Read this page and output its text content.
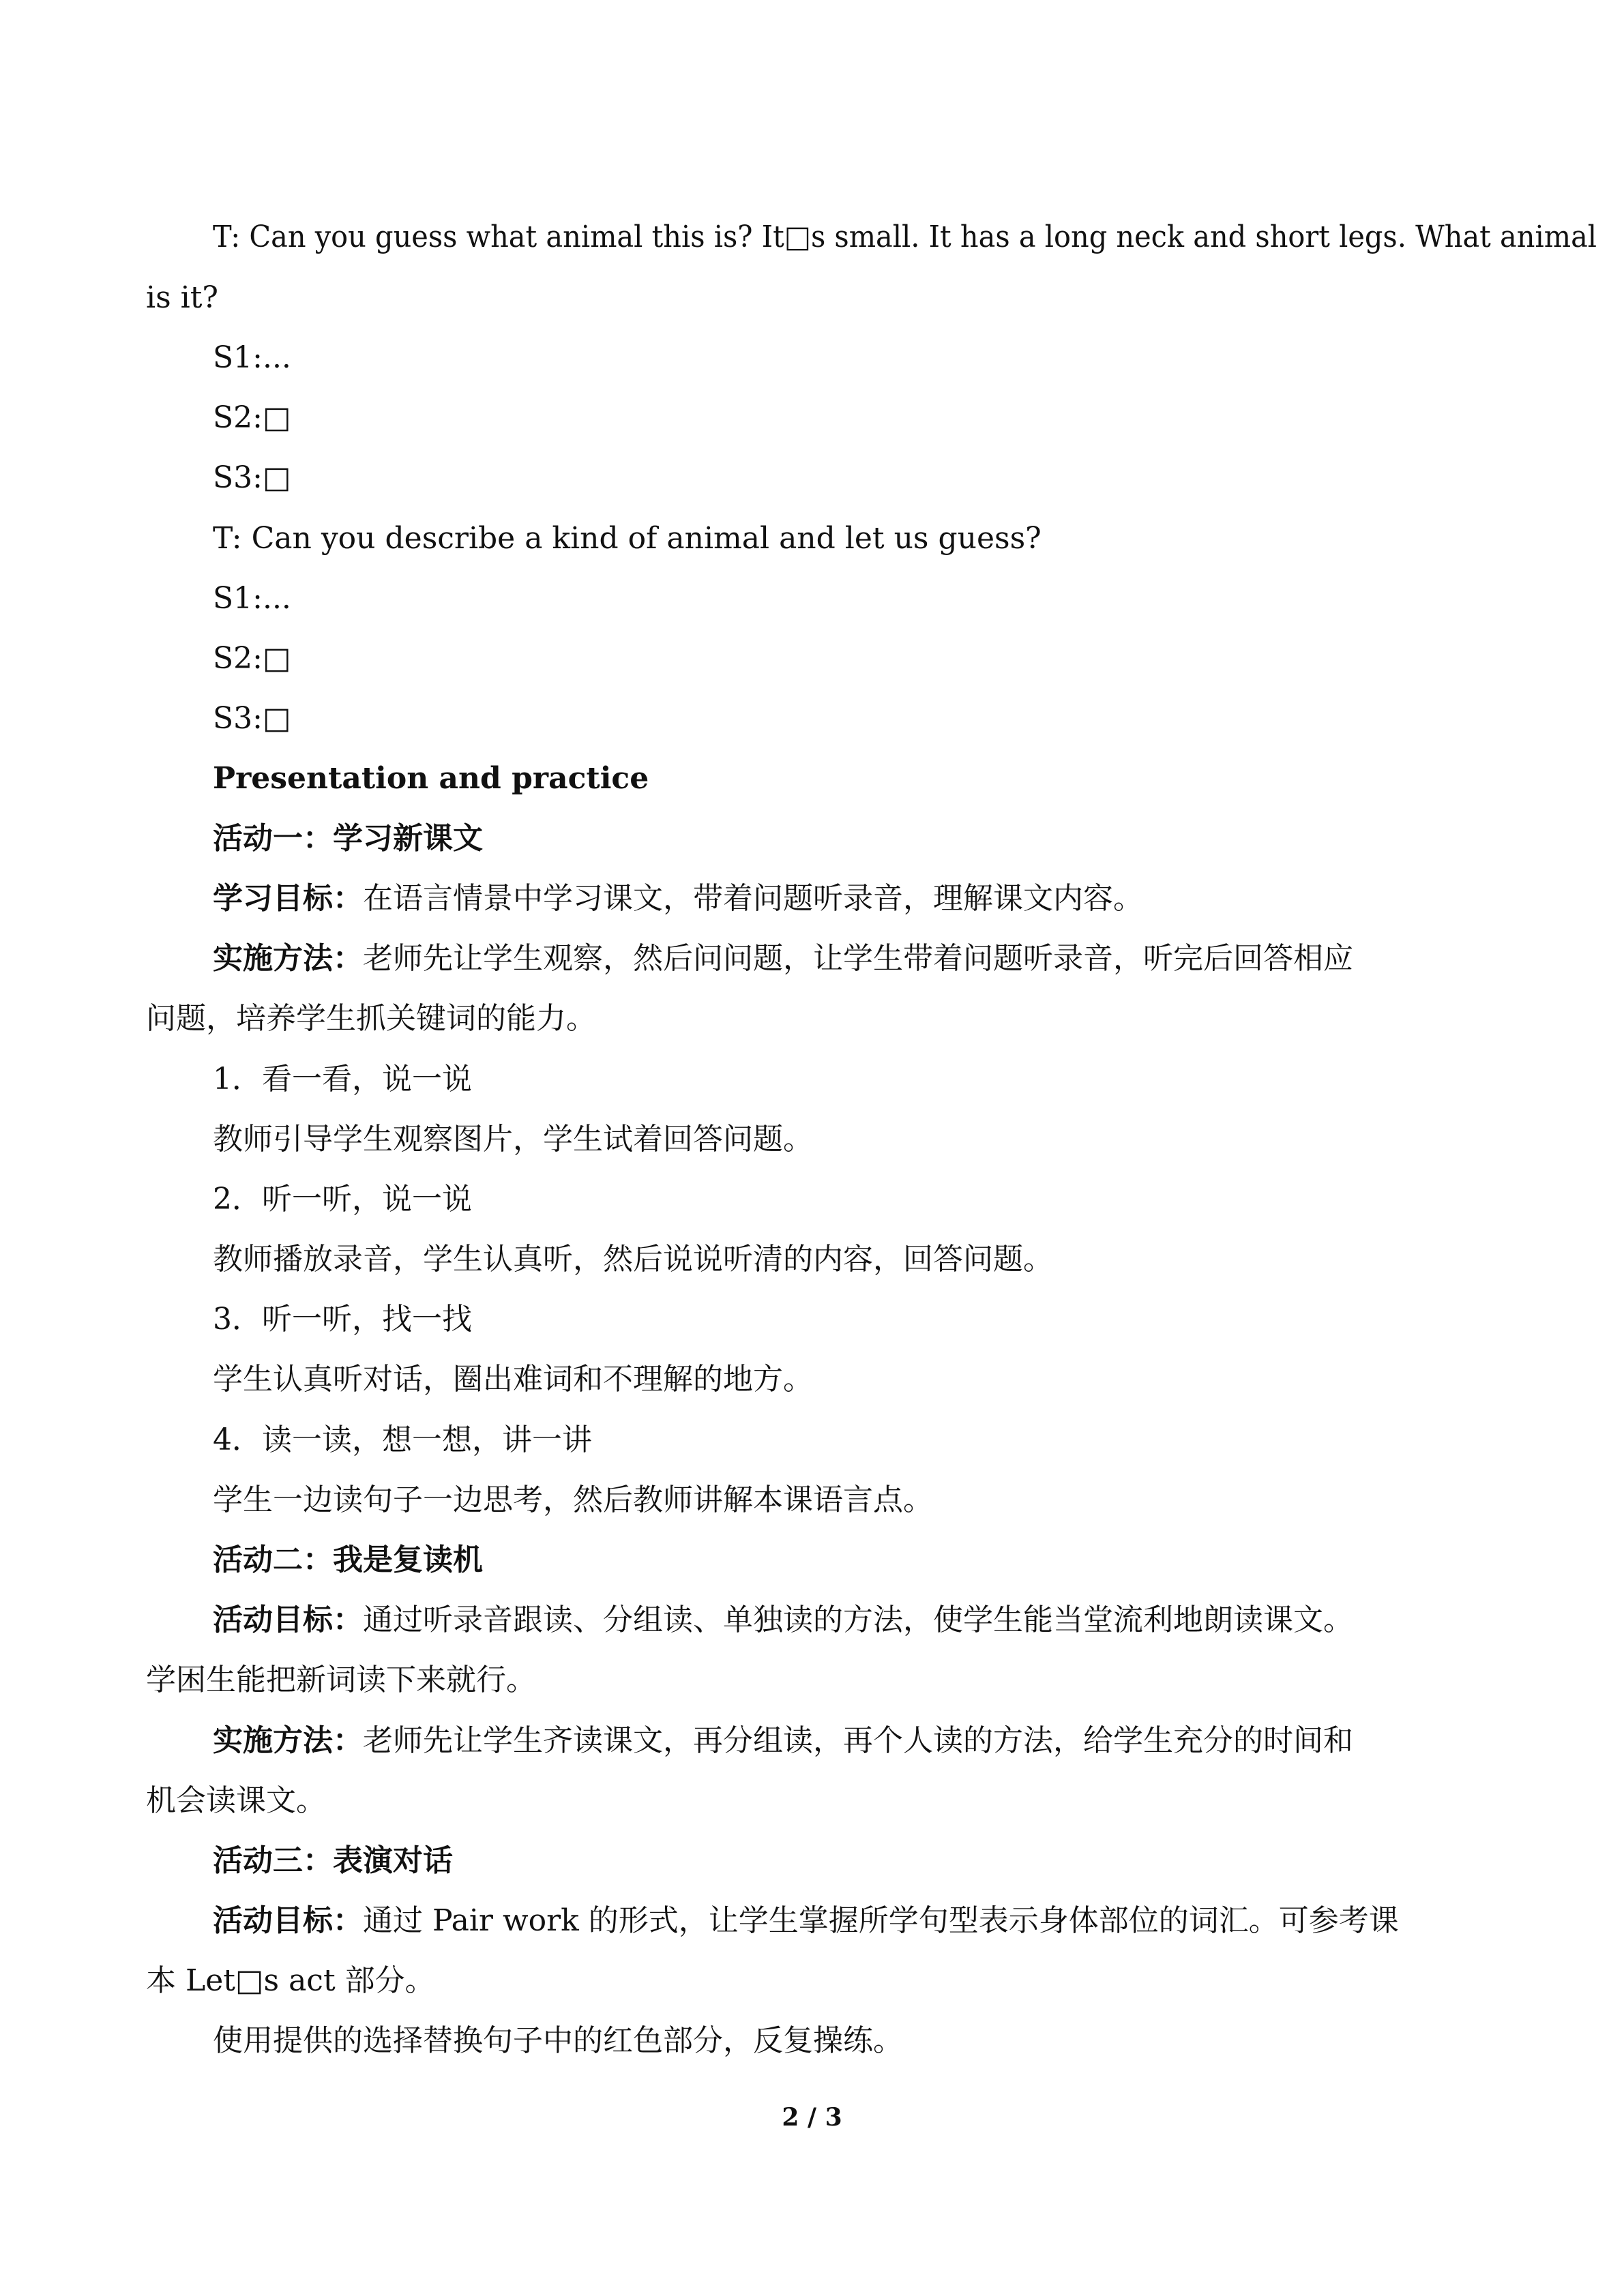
T: Can you guess what animal this is? It□s small. It has a long neck and short legs. What animal
is it?
S1:...
S2:□
S3:□
T: Can you describe a kind of animal and let us guess?
S1:...
S2:□
S3:□
Presentation and practice
活动一：学习新课文
学习目标：在语言情景中学习课文，带着问题听录音，理解课文内容。
实施方法：老师先让学生观察，然后问问题，让学生带着问题听录音，听完后回答相应
问题，培养学生抓关键词的能力。
1．看一看，说一说
教师引导学生观察图片，学生试着回答问题。
2．听一听，说一说
教师播放录音，学生认真听，然后说说听清的内容，回答问题。
3．听一听，找一找
学生认真听对话，圈出难词和不理解的地方。
4．读一读，想一想，讲一讲
学生一边读句子一边思考，然后教师讲解本课语言点。
活动二：我是复读机
活动目标：通过听录音跟读、分组读、单独读的方法，使学生能当堂流利地朗读课文。
学困生能把新词读下来就行。
实施方法：老师先让学生齐读课文，再分组读，再个人读的方法，给学生充分的时间和
机会读课文。
活动三：表演对话
活动目标：通过 Pair work 的形式，让学生掌握所学句型表示身体部位的词汇。可参考课
本 Let□s act 部分。
使用提供的选择替换句子中的红色部分，反复操练。
2 / 3
